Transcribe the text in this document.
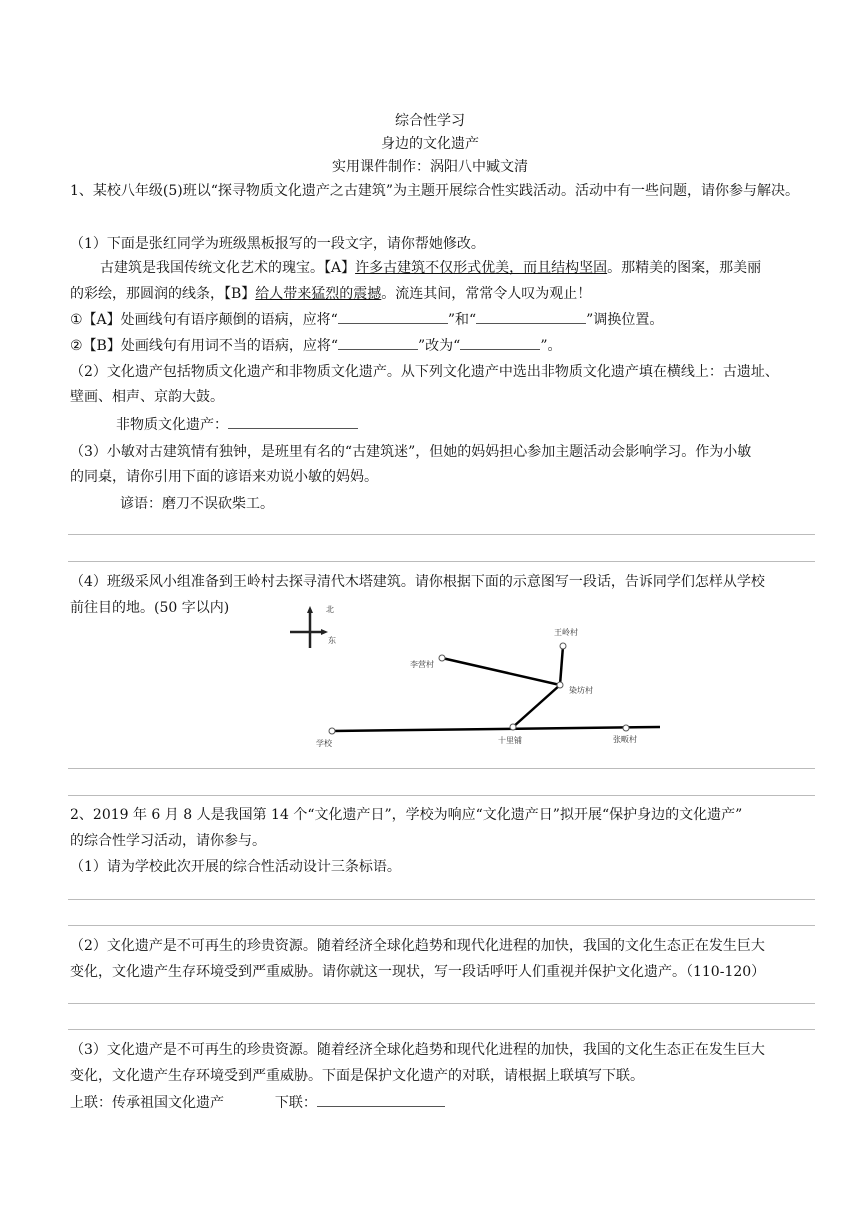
综合性学习
身边的文化遗产
实用课件制作：涡阳八中臧文清
1、某校八年级(5)班以“探寻物质文化遗产之古建筑”为主题开展综合性实践活动。活动中有一些问题，请你参与解决。
（1）下面是张红同学为班级黑板报写的一段文字，请你帮她修改。
古建筑是我国传统文化艺术的瑰宝。【A】许多古建筑不仅形式优美，而且结构坚固。那精美的图案，那美丽
的彩绘，那圆润的线条，【B】给人带来猛烈的震撼。流连其间，常常令人叹为观止！
①【A】处画线句有语序颠倒的语病，应将“	”和“	”调换位置。
②【B】处画线句有用词不当的语病，应将“	”改为“	”。
（2）文化遗产包括物质文化遗产和非物质文化遗产。从下列文化遗产中选出非物质文化遗产填在横线上：古遗址、
壁画、相声、京韵大鼓。
非物质文化遗产：
（3）小敏对古建筑情有独钟，是班里有名的“古建筑迷”，但她的妈妈担心参加主题活动会影响学习。作为小敏
的同桌，请你引用下面的谚语来劝说小敏的妈妈。
谚语：磨刀不误砍柴工。
（4）班级采风小组准备到王岭村去探寻清代木塔建筑。请你根据下面的示意图写一段话，告诉同学们怎样从学校
前往目的地。(50 字以内)	北
东
王岭村
李营村
染坊村
学校	十里铺	张畈村
2、2019 年 6 月 8 人是我国第 14 个“文化遗产日”，学校为响应“文化遗产日”拟开展“保护身边的文化遗产”
的综合性学习活动，请你参与。
（1）请为学校此次开展的综合性活动设计三条标语。
（2）文化遗产是不可再生的珍贵资源。随着经济全球化趋势和现代化进程的加快，我国的文化生态正在发生巨大
变化，文化遗产生存环境受到严重威胁。请你就这一现状，写一段话呼吁人们重视并保护文化遗产。（110-120）
（3）文化遗产是不可再生的珍贵资源。随着经济全球化趋势和现代化进程的加快，我国的文化生态正在发生巨大
变化，文化遗产生存环境受到严重威胁。下面是保护文化遗产的对联，请根据上联填写下联。
上联：传承祖国文化遗产	下联：
